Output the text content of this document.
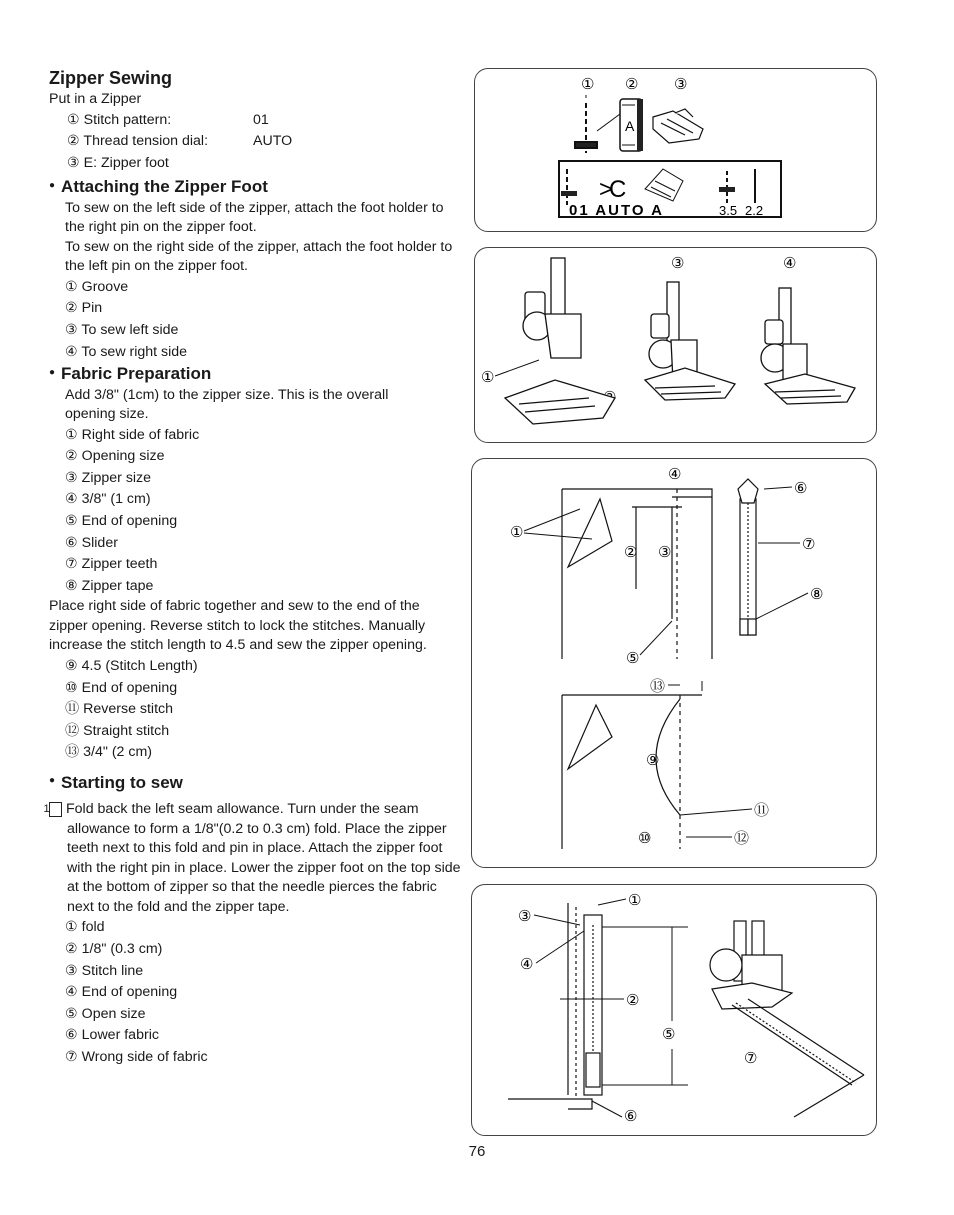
Zipper Sewing

Put in a Zipper

① Stitch pattern:	01
② Thread tension dial:	AUTO
③ E: Zipper foot
● Attaching the Zipper Foot

To sew on the left side of the zipper, attach the foot holder to the right pin on the zipper foot.

To sew on the right side of the zipper, attach the foot holder to the left pin on the zipper foot.

① Groove

② Pin

③ To sew left side

④ To sew right side

● Fabric Preparation

Add 3/8" (1cm) to the zipper size. This is the overall opening size.

① Right side of fabric

② Opening size

③ Zipper size

④ 3/8" (1 cm)

⑤ End of opening

⑥ Slider

⑦ Zipper teeth

⑧ Zipper tape

Place right side of fabric together and sew to the end of the zipper opening. Reverse stitch to lock the stitches. Manually increase the stitch length to 4.5 and sew the zipper opening.

⑨ 4.5 (Stitch Length)

⑩ End of opening

⑪ Reverse stitch

⑫ Straight stitch

⑬ 3/4" (2 cm)

● Starting to sew

1 Fold back the left seam allowance. Turn under the seam allowance to form a 1/8"(0.2 to 0.3 cm) fold. Place the zipper teeth next to this fold and pin in place. Attach the zipper foot with the right pin in place. Lower the zipper foot on the top side at the bottom of zipper so that the needle pierces the fabric next to the fold and the zipper tape.

① fold

② 1/8" (0.3 cm)

③ Stitch line

④ End of opening

⑤ Open size

⑥ Lower fabric

⑦ Wrong side of fabric

① ② ③
A
>
C
01 AUTO A	3.5 2.2
③	④
①
④
①
② ③
⑥
⑦
⑧
⑤
⑬
⑨
⑪
⑩	⑫
①
③
④
②
⑤
⑥
⑦
76
